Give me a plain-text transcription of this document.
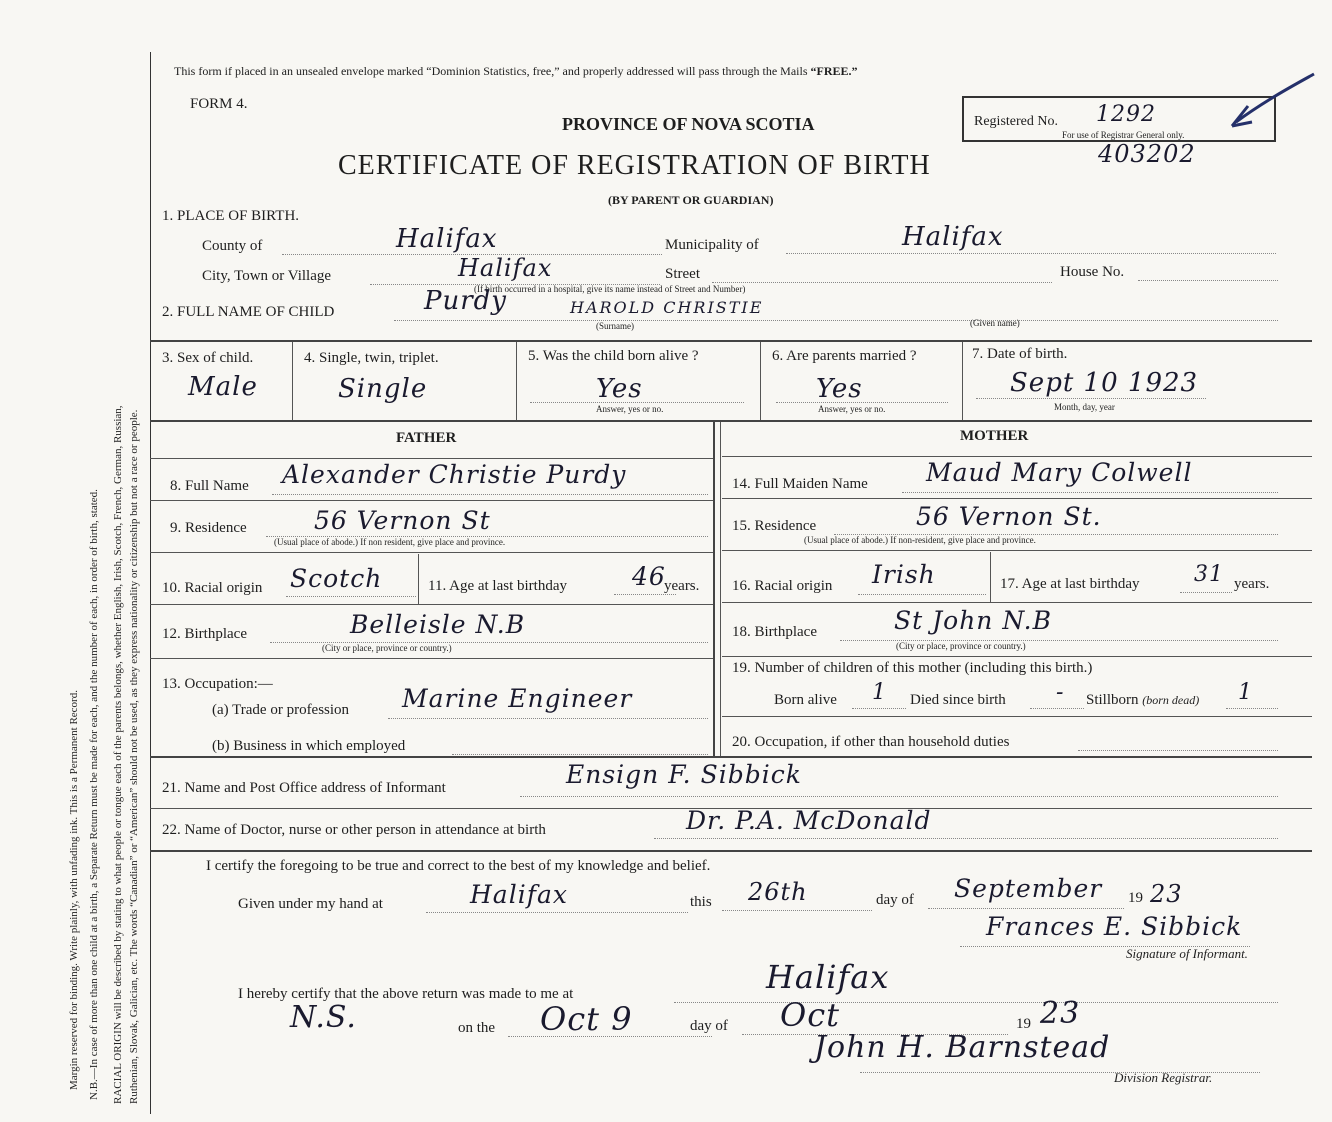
Margin reserved for binding. Write plainly, with unfading ink. This is a Permanent Record. N.B.—In case of more than one child at a birth, a Separate Return must be made for each, and the number of each, in order of birth, stated. RACIAL ORIGIN will be described by stating to what people or tongue each of the parents belongs, whether English, Irish, Scotch, French, German, Russian, Ruthenian, Slovak, Galician, etc. The words “Canadian” or “American” should not be used, as they express nationality or citizenship but not a race or people.
This form if placed in an unsealed envelope marked “Dominion Statistics, free,” and properly addressed will pass through the Mails “FREE.”
FORM 4.
PROVINCE OF NOVA SCOTIA
CERTIFICATE OF REGISTRATION OF BIRTH
(BY PARENT OR GUARDIAN)
Registered No. 1292
For use of Registrar General only.
403202
1. PLACE OF BIRTH.
County of	Halifax	Municipality of	Halifax
City, Town or Village	Halifax	Street	House No.
(If birth occurred in a hospital, give its name instead of Street and Number)
2. FULL NAME OF CHILD	Purdy	HAROLD CHRISTIE
(Surname)	(Given name)
3. Sex of child.
Male
4. Single, twin, triplet.
Single
5. Was the child born alive ?
Yes
Answer, yes or no.
6. Are parents married ?
Yes
Answer, yes or no.
7. Date of birth.
Sept 10 1923
Month, day, year
FATHER	MOTHER
8. Full Name Alexander Christie Purdy
9. Residence	56 Vernon St
(Usual place of abode.) If non resident, give place and province.
10. Racial origin Scotch	11. Age at last birthday	46
years.
12. Birthplace	Belleisle N.B
(City or place, province or country.)
13. Occupation:—
(a) Trade or profession Marine Engineer
(b) Business in which employed
14. Full Maiden Name Maud Mary Colwell
15. Residence	56 Vernon St.
(Usual place of abode.) If non-resident, give place and province.
16. Racial origin Irish	17. Age at last birthday 31 years.
18. Birthplace	St John N.B
(City or place, province or country.)
19. Number of children of this mother (including this birth.)
Born alive 1 Died since birth - Stillborn (born dead) 1
20. Occupation, if other than household duties
21. Name and Post Office address of Informant	Ensign F. Sibbick
22. Name of Doctor, nurse or other person in attendance at birth	Dr. P.A. McDonald
I certify the foregoing to be true and correct to the best of my knowledge and belief.
Given under my hand at	Halifax	this 26th	day of September 19 23
Frances E. Sibbick
Signature of Informant.
I hereby certify that the above return was made to me at	Halifax
N.S.	on the Oct 9	day of Oct	19 23
John H. Barnstead
Division Registrar.
